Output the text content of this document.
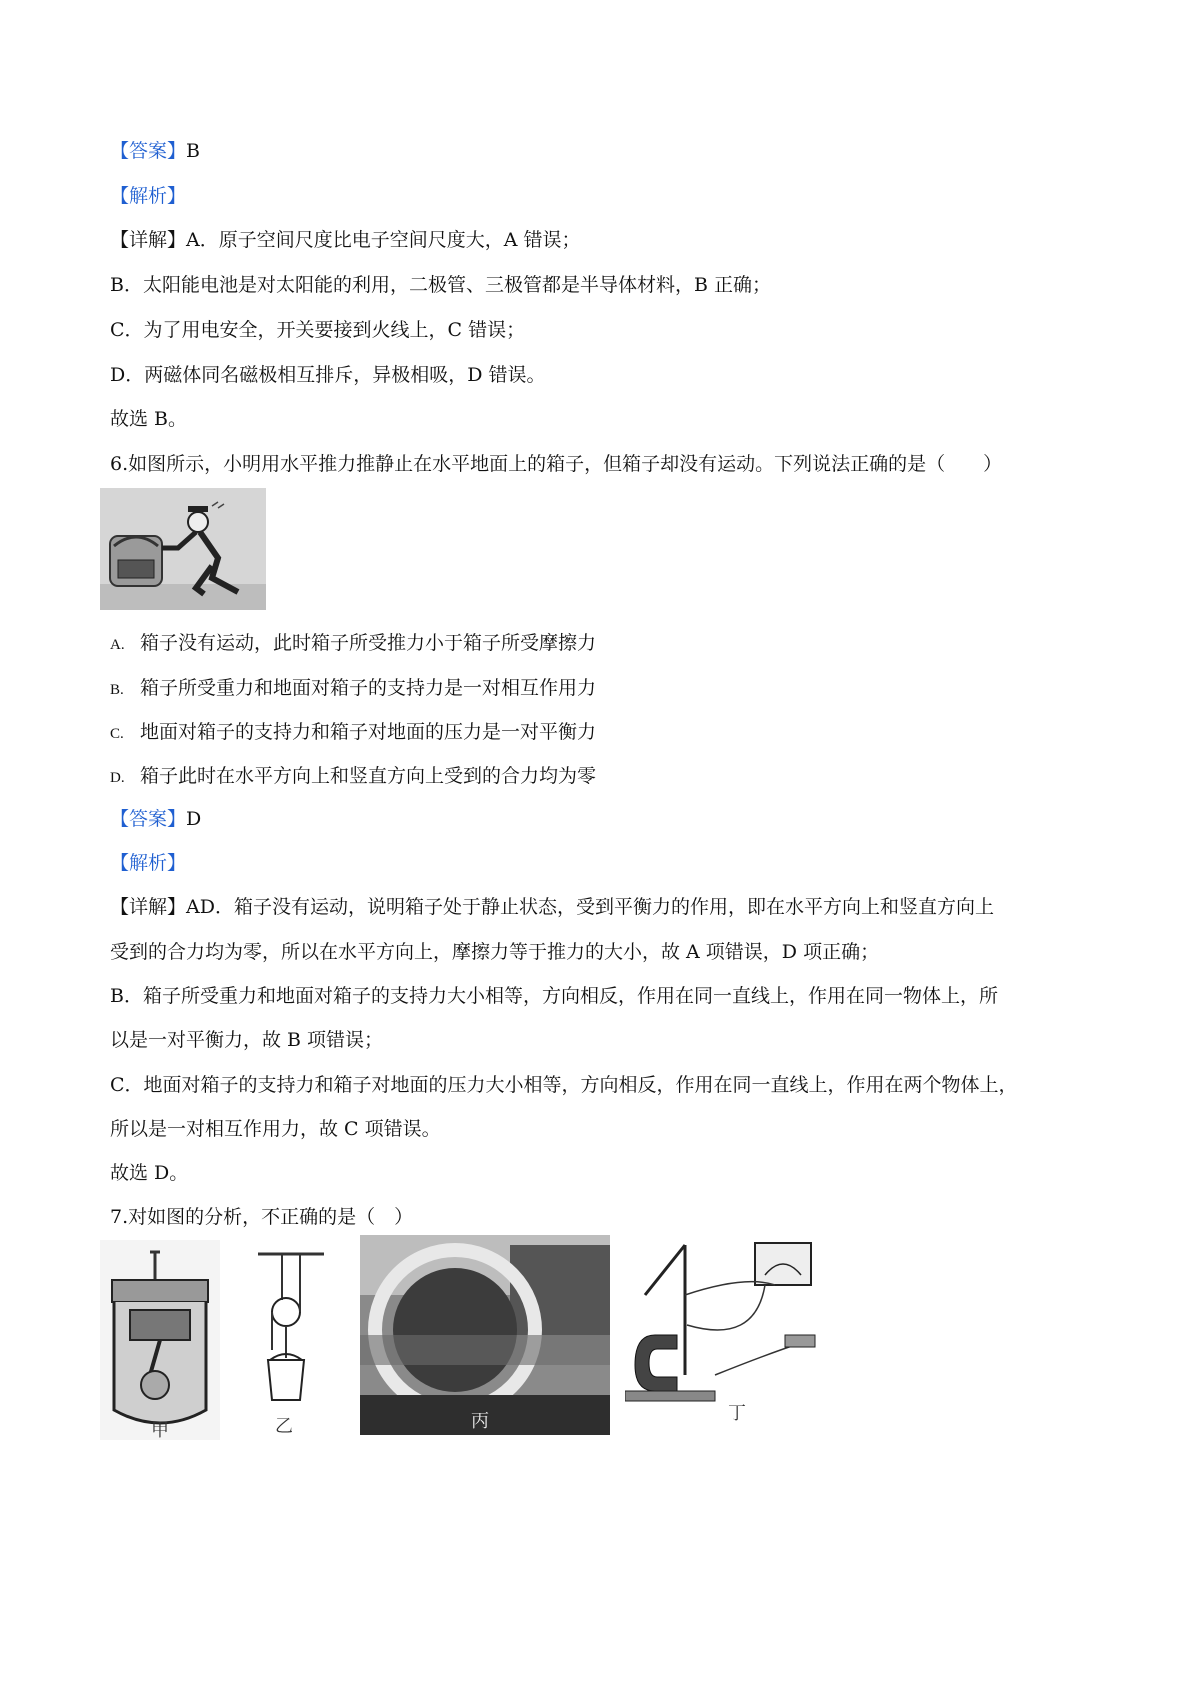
【答案】B
【解析】
【详解】A．原子空间尺度比电子空间尺度大，A 错误；
B．太阳能电池是对太阳能的利用，二极管、三极管都是半导体材料，B 正确；
C．为了用电安全，开关要接到火线上，C 错误；
D．两磁体同名磁极相互排斥，异极相吸，D 错误。
故选 B。
6.如图所示，小明用水平推力推静止在水平地面上的箱子，但箱子却没有运动。下列说法正确的是（　　）
A. 箱子没有运动，此时箱子所受推力小于箱子所受摩擦力
B. 箱子所受重力和地面对箱子的支持力是一对相互作用力
C. 地面对箱子的支持力和箱子对地面的压力是一对平衡力
D. 箱子此时在水平方向上和竖直方向上受到的合力均为零
【答案】D
【解析】
【详解】AD．箱子没有运动，说明箱子处于静止状态，受到平衡力的作用，即在水平方向上和竖直方向上
受到的合力均为零，所以在水平方向上，摩擦力等于推力的大小，故 A 项错误，D 项正确；
B．箱子所受重力和地面对箱子的支持力大小相等，方向相反，作用在同一直线上，作用在同一物体上，所
以是一对平衡力，故 B 项错误；
C．地面对箱子的支持力和箱子对地面的压力大小相等，方向相反，作用在同一直线上，作用在两个物体上，
所以是一对相互作用力，故 C 项错误。
故选 D。
7.对如图的分析，不正确的是（　）
甲	乙	丙	丁
